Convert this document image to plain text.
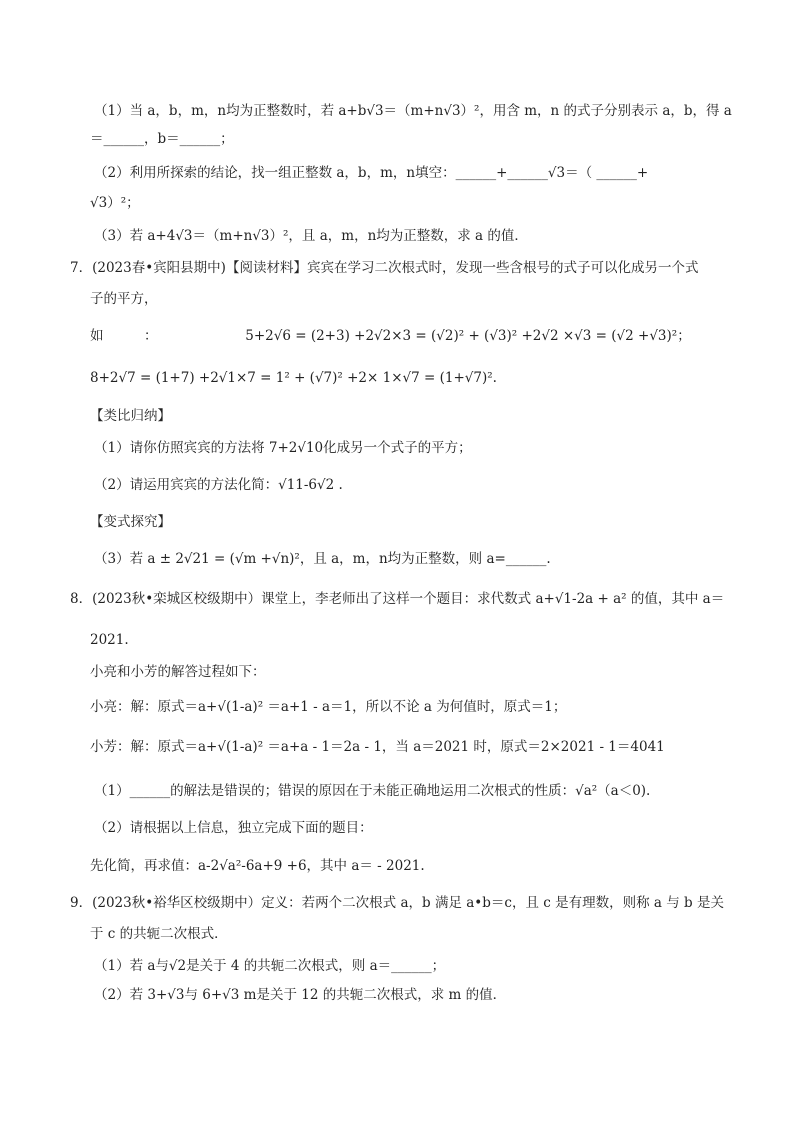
（1）当 a，b，m，n均为正整数时，若 a+b√3＝（m+n√3）²，用含 m，n 的式子分别表示 a，b，得 a
＝______，b＝______；
（2）利用所探索的结论，找一组正整数 a，b，m，n填空：______+______√3＝（ ______+
√3）²；
（3）若 a+4√3＝（m+n√3）²，且 a，m，n均为正整数，求 a 的值．
7．(2023春•宾阳县期中)【阅读材料】宾宾在学习二次根式时，发现一些含根号的式子可以化成另一个式
子的平方，
如　　　：　　　　　　　5+2√6 = (2+3) +2√2×3 = (√2)² + (√3)² +2√2 ×√3 = (√2 +√3)²；
8+2√7 = (1+7) +2√1×7 = 1² + (√7)² +2× 1×√7 = (1+√7)².
【类比归纳】
（1）请你仿照宾宾的方法将 7+2√10化成另一个式子的平方；
（2）请运用宾宾的方法化简：√11-6√2 .
【变式探究】
（3）若 a ± 2√21 = (√m +√n)²，且 a，m，n均为正整数，则 a=______.
8．(2023秋•栾城区校级期中）课堂上，李老师出了这样一个题目：求代数式 a+√1-2a + a² 的值，其中 a＝
2021.
小亮和小芳的解答过程如下：
小亮：解：原式＝a+√(1-a)² ＝a+1 - a＝1，所以不论 a 为何值时，原式＝1；
小芳：解：原式＝a+√(1-a)² ＝a+a - 1＝2a - 1，当 a＝2021 时，原式＝2×2021 - 1＝4041
（1）______的解法是错误的；错误的原因在于未能正确地运用二次根式的性质：√a²（a＜0).
（2）请根据以上信息，独立完成下面的题目：
先化简，再求值：a-2√a²-6a+9 +6，其中 a＝ - 2021.
9．(2023秋•裕华区校级期中）定义：若两个二次根式 a，b 满足 a•b＝c，且 c 是有理数，则称 a 与 b 是关
于 c 的共轭二次根式．
（1）若 a与√2是关于 4 的共轭二次根式，则 a＝______；
（2）若 3+√3与 6+√3 m是关于 12 的共轭二次根式，求 m 的值．
